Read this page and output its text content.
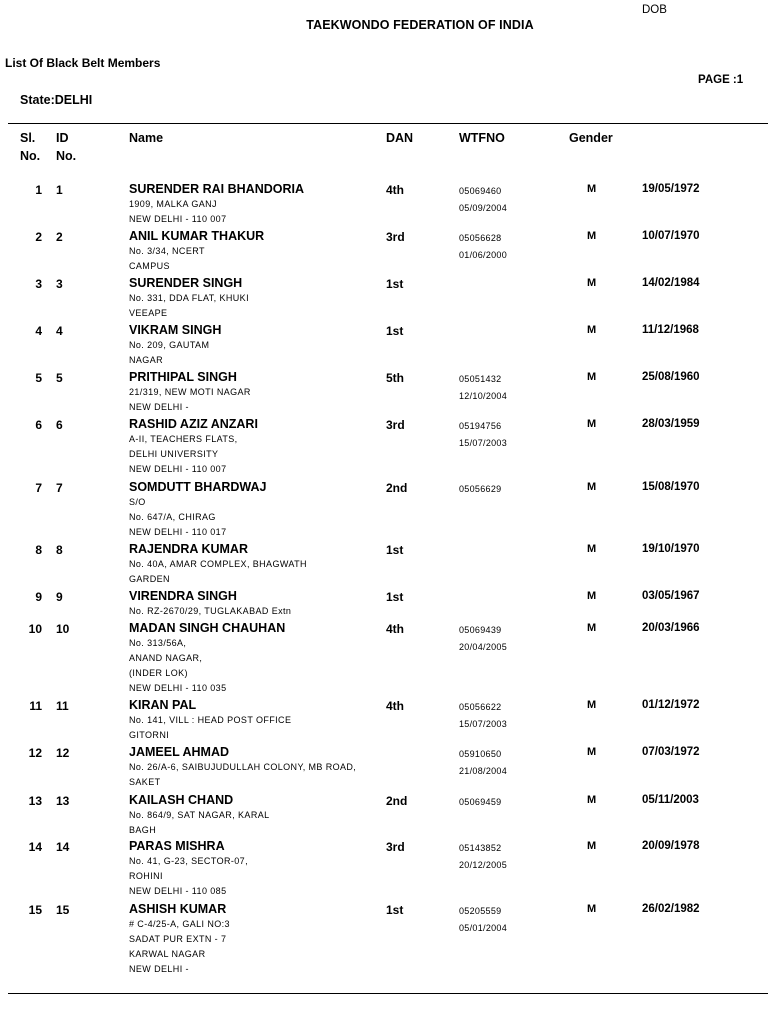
TAEKWONDO FEDERATION OF INDIA
List Of Black Belt Members
PAGE :1
State:DELHI
Sl.
No.
ID
No.
Name	DAN	WTFNO	Gender
DOB
1 1	SURENDER RAI BHANDORIA
1909, MALKA GANJ
NEW DELHI - 110 007
4th	05069460
05/09/2004
M	19/05/1972
2 2	ANIL KUMAR THAKUR
No. 3/34, NCERT
CAMPUS
3rd	05056628
01/06/2000
M	10/07/1970
3 3	SURENDER SINGH
No. 331, DDA FLAT, KHUKI
VEEAPE
1st	M	14/02/1984
4 4	VIKRAM SINGH
No. 209, GAUTAM
NAGAR
1st	M	11/12/1968
5 5	PRITHIPAL SINGH
21/319, NEW MOTI NAGAR
NEW DELHI -
5th	05051432
12/10/2004
M	25/08/1960
6 6	RASHID AZIZ ANZARI
A-II, TEACHERS FLATS,
DELHI UNIVERSITY
NEW DELHI - 110 007
3rd	05194756
15/07/2003
M	28/03/1959
7 7	SOMDUTT BHARDWAJ
S/O
No. 647/A, CHIRAG
NEW DELHI - 110 017
2nd	05056629	M	15/08/1970
8 8	RAJENDRA KUMAR
No. 40A, AMAR COMPLEX, BHAGWATH
GARDEN
1st	M	19/10/1970
9 9	VIRENDRA SINGH
No. RZ-2670/29, TUGLAKABAD Extn
1st	M	03/05/1967
10 10	MADAN SINGH CHAUHAN
No. 313/56A,
ANAND NAGAR,
(INDER LOK)
NEW DELHI - 110 035
4th	05069439
20/04/2005
M	20/03/1966
11 11	KIRAN PAL
No. 141, VILL : HEAD POST OFFICE
GITORNI
4th	05056622
15/07/2003
M	01/12/1972
12 12	JAMEEL AHMAD
No. 26/A-6, SAIBUJUDULLAH COLONY, MB ROAD,
SAKET
05910650
21/08/2004
M	07/03/1972
13 13	KAILASH CHAND
No. 864/9, SAT NAGAR, KARAL
BAGH
2nd	05069459	M	05/11/2003
14 14	PARAS MISHRA
No. 41, G-23, SECTOR-07,
ROHINI
NEW DELHI - 110 085
3rd	05143852
20/12/2005
M	20/09/1978
15 15	ASHISH KUMAR
# C-4/25-A, GALI NO:3
SADAT PUR EXTN - 7
KARWAL NAGAR
NEW DELHI -
1st	05205559
05/01/2004
M	26/02/1982
